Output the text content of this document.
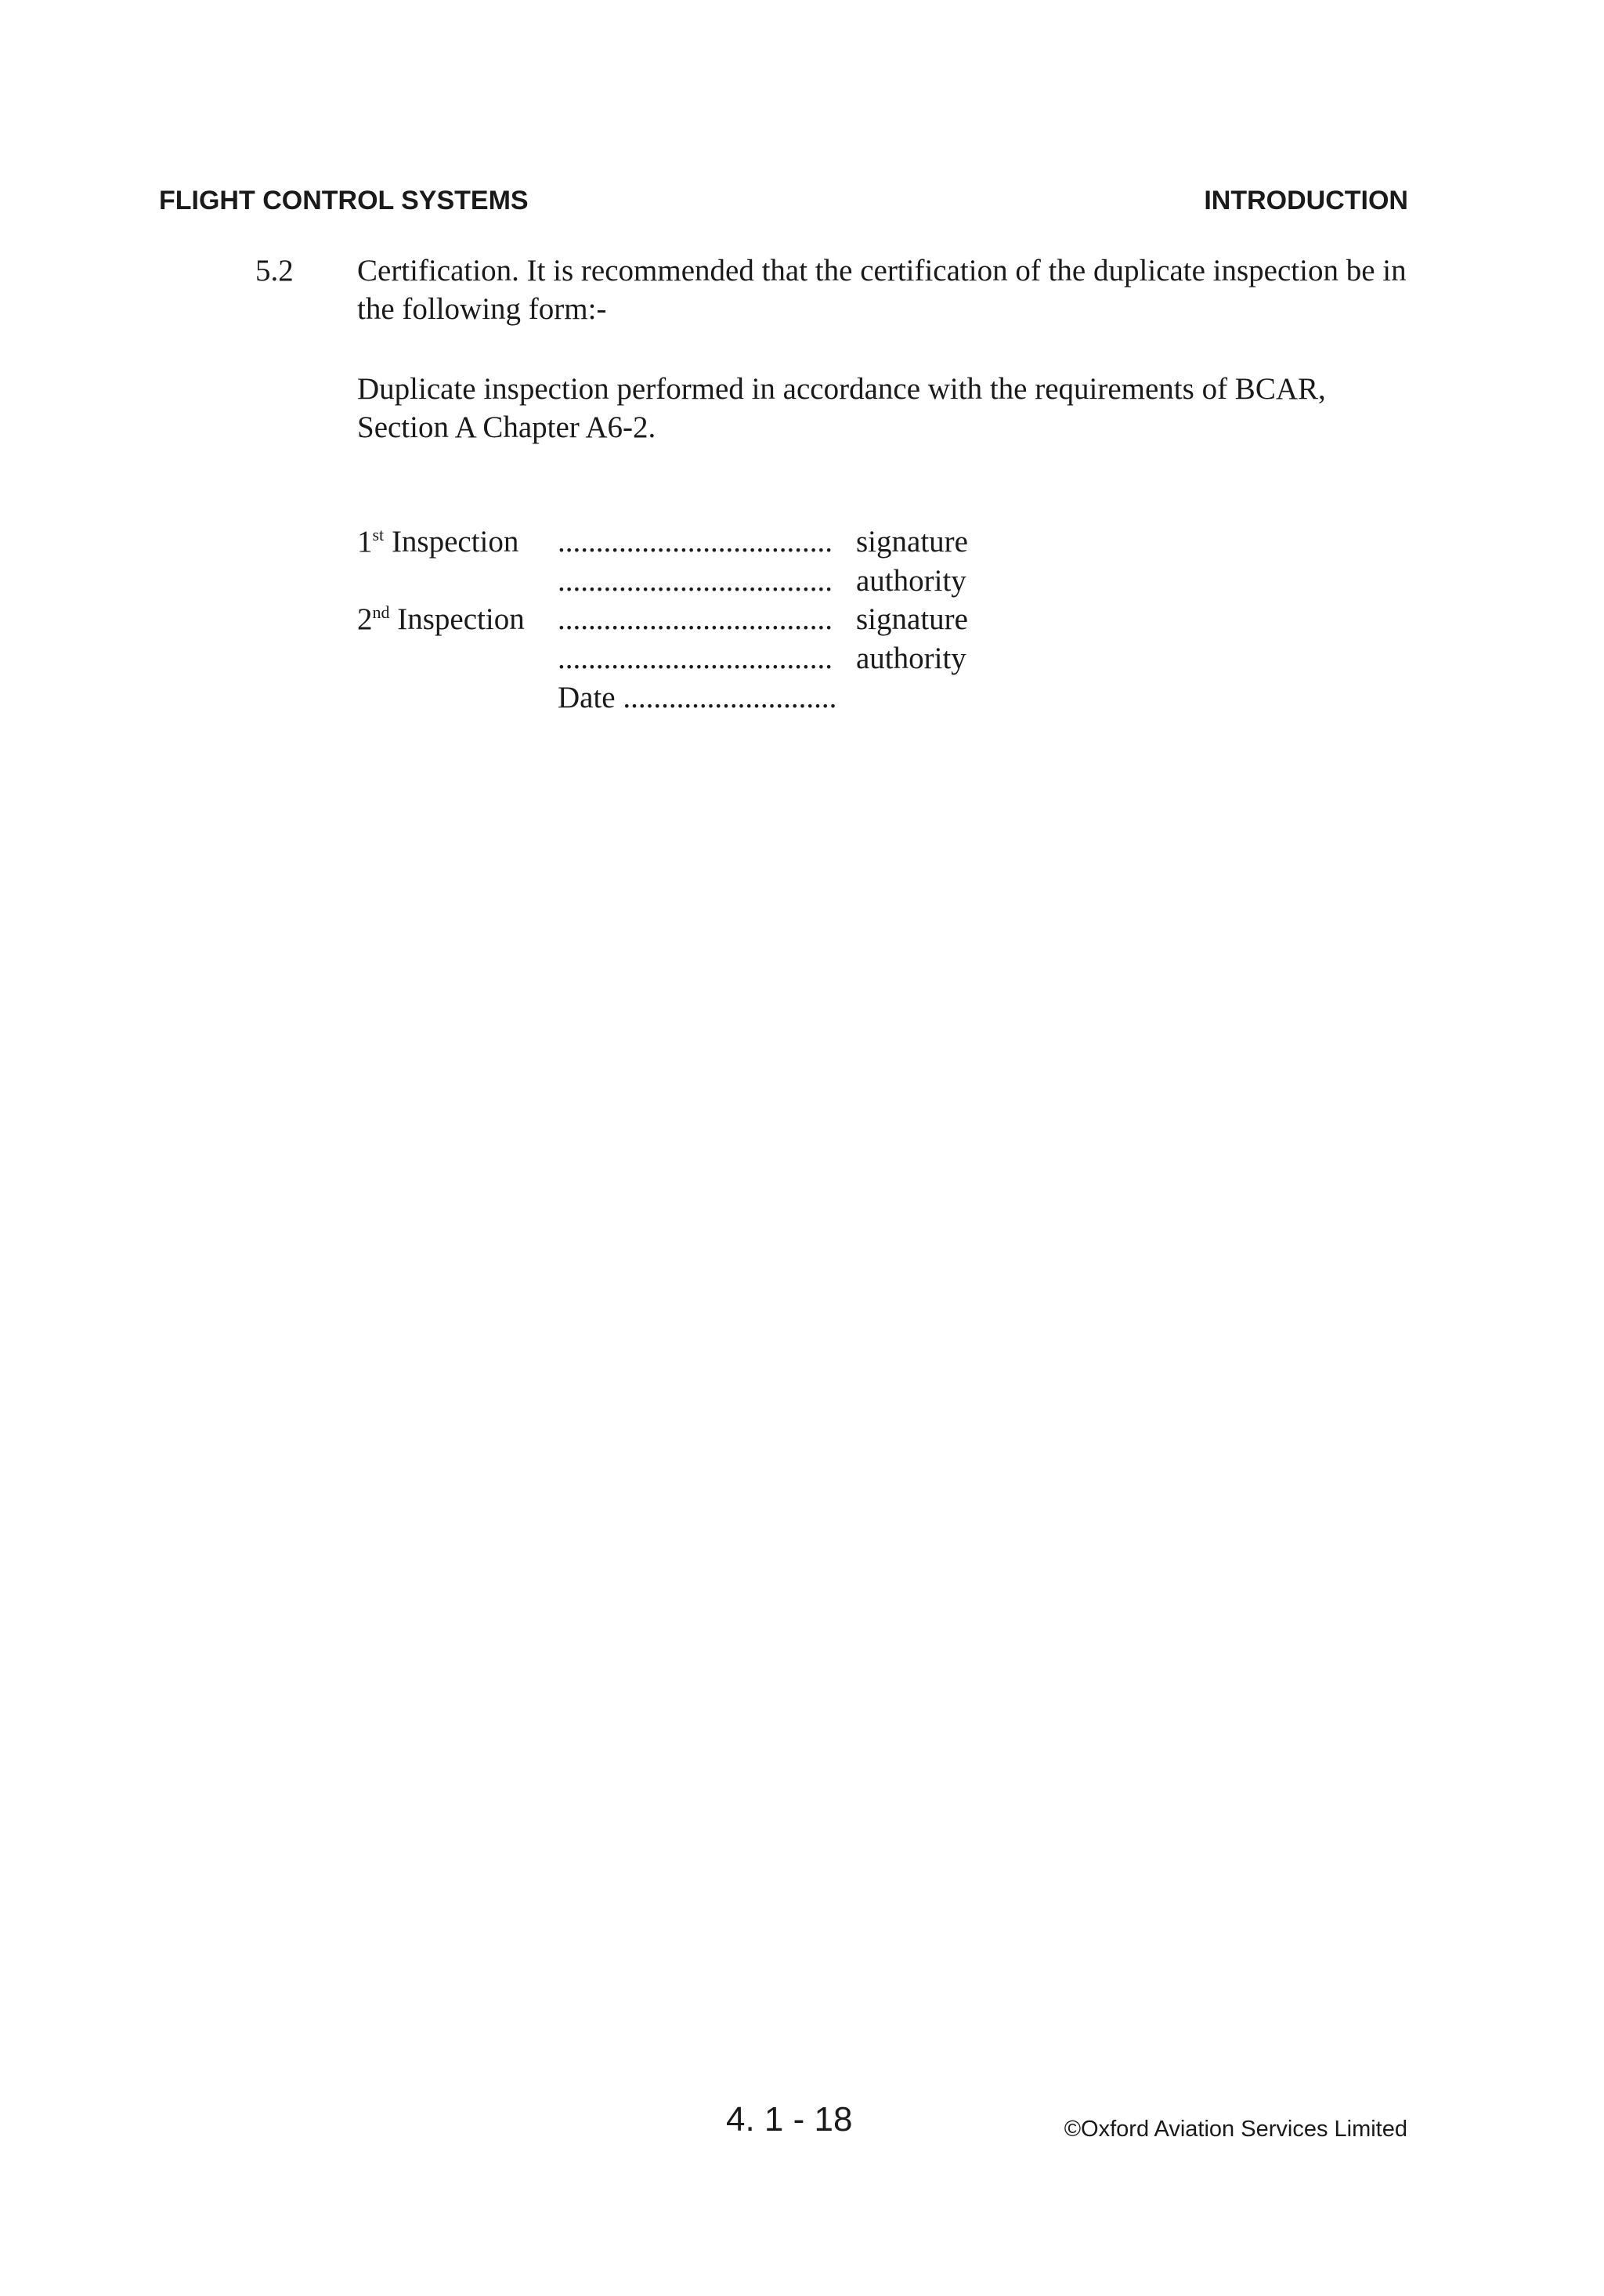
FLIGHT CONTROL SYSTEMS	INTRODUCTION
5.2 Certification. It is recommended that the certification of the duplicate inspection be in the following form:-
Duplicate inspection performed in accordance with the requirements of BCAR, Section A Chapter A6-2.
1st Inspection .................................... signature
.................................... authority
2nd Inspection .................................... signature
.................................... authority
Date ............................
4. 1 - 18	©Oxford Aviation Services Limited
